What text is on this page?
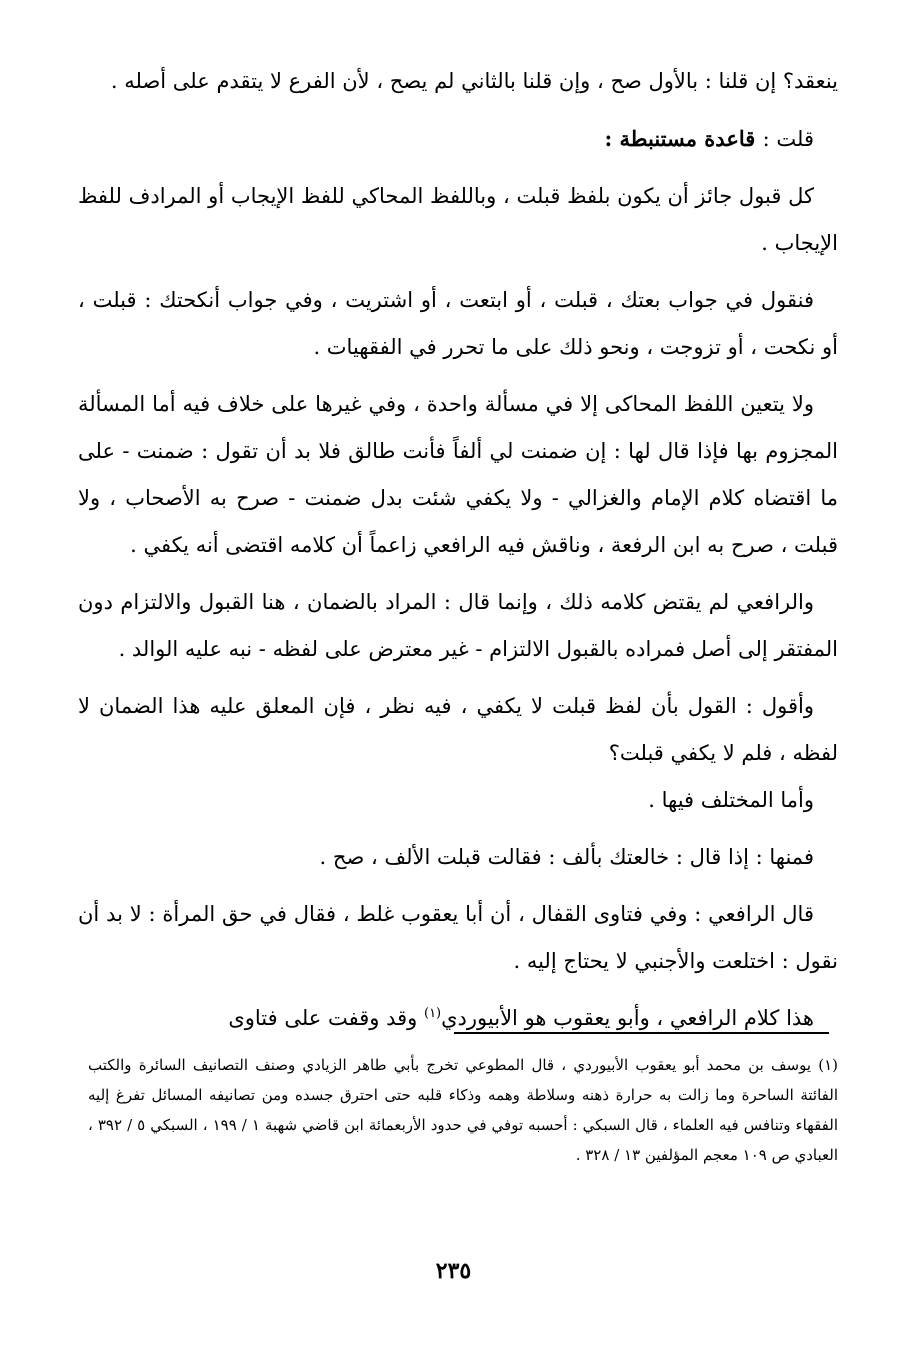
ينعقد؟ إن قلنا : بالأول صح ، وإن قلنا بالثاني لم يصح ، لأن الفرع لا يتقدم على أصله .

قلت : قاعدة مستنبطة :

كل قبول جائز أن يكون بلفظ قبلت ، وباللفظ المحاكي للفظ الإيجاب أو المرادف للفظ الإيجاب .

فنقول في جواب بعتك ، قبلت ، أو ابتعت ، أو اشتريت ، وفي جواب أنكحتك : قبلت ، أو نكحت ، أو تزوجت ، ونحو ذلك على ما تحرر في الفقهيات .

ولا يتعين اللفظ المحاكى إلا في مسألة واحدة ، وفي غيرها على خلاف فيه أما المسألة المجزوم بها فإذا قال لها : إن ضمنت لي ألفاً فأنت طالق فلا بد أن تقول : ضمنت - على ما اقتضاه كلام الإمام والغزالي - ولا يكفي شئت بدل ضمنت - صرح به الأصحاب ، ولا قبلت ، صرح به ابن الرفعة ، وناقش فيه الرافعي زاعماً أن كلامه اقتضى أنه يكفي .

والرافعي لم يقتض كلامه ذلك ، وإنما قال : المراد بالضمان ، هنا القبول والالتزام دون المفتقر إلى أصل فمراده بالقبول الالتزام - غير معترض على لفظه - نبه عليه الوالد .

وأقول : القول بأن لفظ قبلت لا يكفي ، فيه نظر ، فإن المعلق عليه هذا الضمان لا لفظه ، فلم لا يكفي قبلت؟

وأما المختلف فيها .

فمنها : إذا قال : خالعتك بألف : فقالت قبلت الألف ، صح .

قال الرافعي : وفي فتاوى القفال ، أن أبا يعقوب غلط ، فقال في حق المرأة : لا بد أن نقول : اختلعت والأجنبي لا يحتاج إليه .

هذا كلام الرافعي ، وأبو يعقوب هو الأبيوردي$^{(١)}$ وقد وقفت على فتاوى

(١) يوسف بن محمد أبو يعقوب الأبيوردي ، قال المطوعي تخرج بأبي طاهر الزيادي وصنف التصانيف السائرة والكتب الفائتة الساحرة وما زالت به حرارة ذهنه وسلاطة وهمه وذكاء قلبه حتى احترق جسده ومن تصانيفه المسائل تفرغ إليه الفقهاء وتنافس فيه العلماء ، قال السبكي : أحسبه توفي في حدود الأربعمائة ابن قاضي شهبة ١ / ١٩٩ ، السبكي ٥ / ٣٩٢ ، العبادي ص ١٠٩ معجم المؤلفين ١٣ / ٣٢٨ .

٢٣٥
